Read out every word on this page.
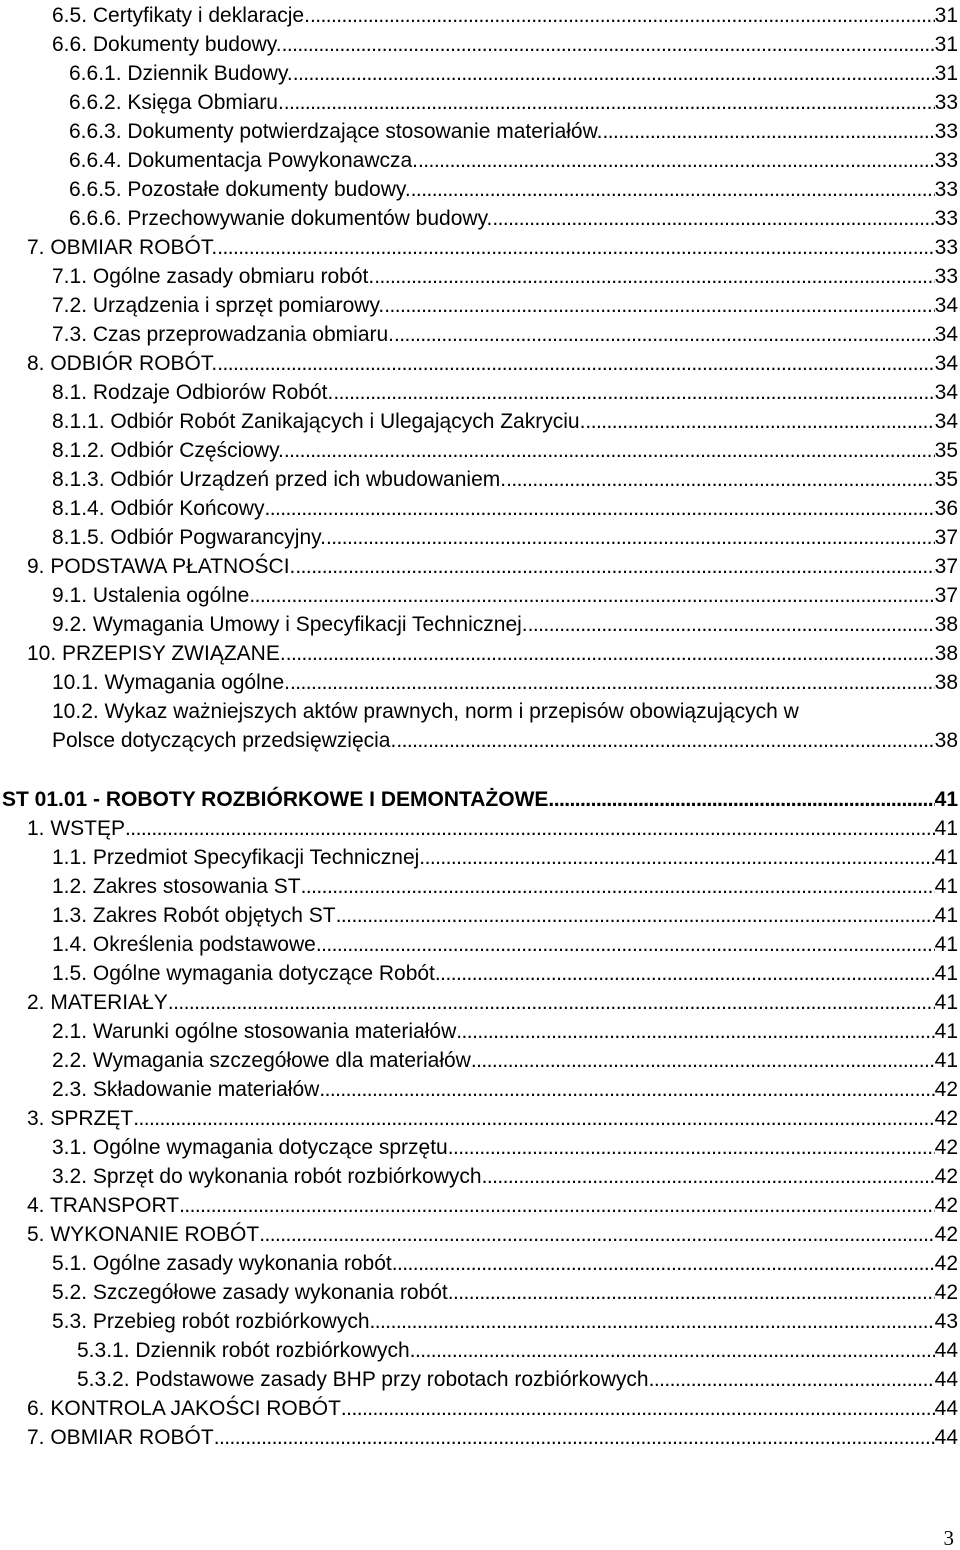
6.5. Certyfikaty i deklaracje. . . .	31
6.6. Dokumenty budowy. . . .	31
6.6.1. Dziennik Budowy. . . .	31
6.6.2. Księga Obmiaru. . . .	33
6.6.3. Dokumenty potwierdzające stosowanie materiałów. . . .	33
6.6.4. Dokumentacja Powykonawcza. . . .	33
6.6.5. Pozostałe dokumenty budowy. . . .	33
6.6.6. Przechowywanie dokumentów budowy. . . .	33
7. OBMIAR ROBÓT. . . .	33
7.1. Ogólne zasady obmiaru robót. . . .	33
7.2. Urządzenia i sprzęt pomiarowy. . . .	34
7.3. Czas przeprowadzania obmiaru. . . .	34
8. ODBIÓR ROBÓT. . . .	34
8.1. Rodzaje Odbiorów Robót. . . .	34
8.1.1. Odbiór Robót Zanikających i Ulegających Zakryciu. . . .	34
8.1.2. Odbiór Częściowy. . . .	35
8.1.3. Odbiór Urządzeń przed ich wbudowaniem. . . .	35
8.1.4. Odbiór Końcowy . . .	36
8.1.5. Odbiór Pogwarancyjny. . . .	37
9. PODSTAWA PŁATNOŚCI. . . .	37
9.1. Ustalenia ogólne . . .	37
9.2. Wymagania Umowy i Specyfikacji Technicznej. . . .	38
10. PRZEPISY ZWIĄZANE. . . .	38
10.1. Wymagania ogólne. . . .	38
10.2. Wykaz ważniejszych aktów prawnych, norm i przepisów obowiązujących w
Polsce dotyczących przedsięwzięcia. . . .	38
ST 01.01 - ROBOTY ROZBIÓRKOWE I DEMONTAŻOWE . . .	41
1. WSTĘP . . .	41
1.1. Przedmiot Specyfikacji Technicznej . . .	41
1.2. Zakres stosowania ST . . .	41
1.3. Zakres Robót objętych ST . . .	41
1.4. Określenia podstawowe . . .	41
1.5. Ogólne wymagania dotyczące Robót . . .	41
2. MATERIAŁY . . .	41
2.1. Warunki ogólne stosowania materiałów . . .	41
2.2. Wymagania szczegółowe dla materiałów . . .	41
2.3. Składowanie materiałów . . .	42
3. SPRZĘT . . .	42
3.1. Ogólne wymagania dotyczące sprzętu . . .	42
3.2. Sprzęt do wykonania robót rozbiórkowych . . .	42
4. TRANSPORT . . .	42
5. WYKONANIE ROBÓT . . .	42
5.1. Ogólne zasady wykonania robót . . .	42
5.2. Szczegółowe zasady wykonania robót . . .	42
5.3. Przebieg robót rozbiórkowych . . .	43
5.3.1. Dziennik robót rozbiórkowych . . .	44
5.3.2. Podstawowe zasady BHP przy robotach rozbiórkowych . . .	44
6. KONTROLA JAKOŚCI ROBÓT . . .	44
7. OBMIAR ROBÓT . . .	44
3
